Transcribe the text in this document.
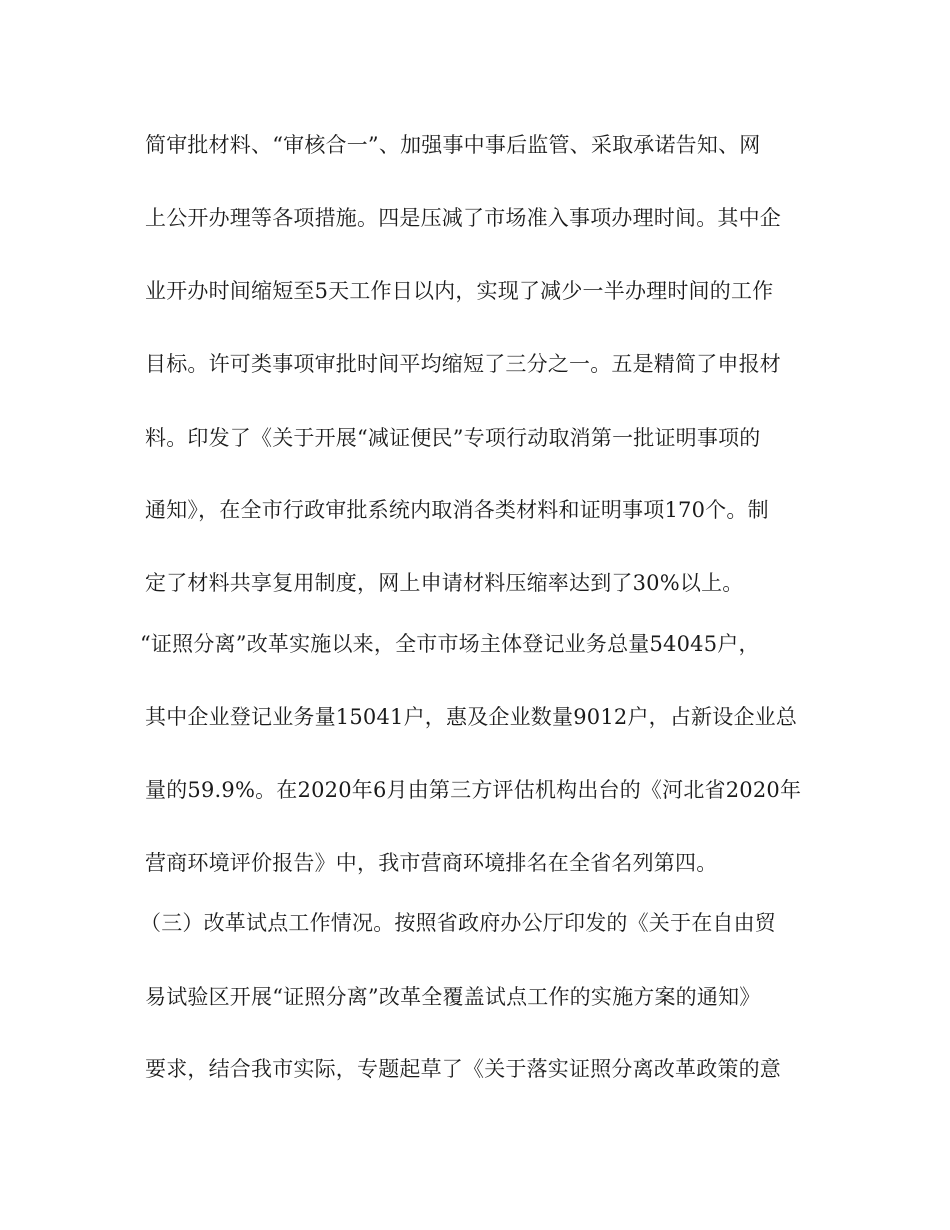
简审批材料、“审核合一”、加强事中事后监管、采取承诺告知、网
上公开办理等各项措施。四是压减了市场准入事项办理时间。其中企
业开办时间缩短至5天工作日以内，实现了减少一半办理时间的工作
目标。许可类事项审批时间平均缩短了三分之一。五是精简了申报材
料。印发了《关于开展“减证便民”专项行动取消第一批证明事项的
通知》，在全市行政审批系统内取消各类材料和证明事项170个。制
定了材料共享复用制度，网上申请材料压缩率达到了30%以上。
“证照分离”改革实施以来，全市市场主体登记业务总量54045户，
其中企业登记业务量15041户，惠及企业数量9012户，占新设企业总
量的59.9%。在2020年6月由第三方评估机构出台的《河北省2020年
营商环境评价报告》中，我市营商环境排名在全省名列第四。
（三）改革试点工作情况。按照省政府办公厅印发的《关于在自由贸
易试验区开展“证照分离”改革全覆盖试点工作的实施方案的通知》
要求，结合我市实际，专题起草了《关于落实证照分离改革政策的意
